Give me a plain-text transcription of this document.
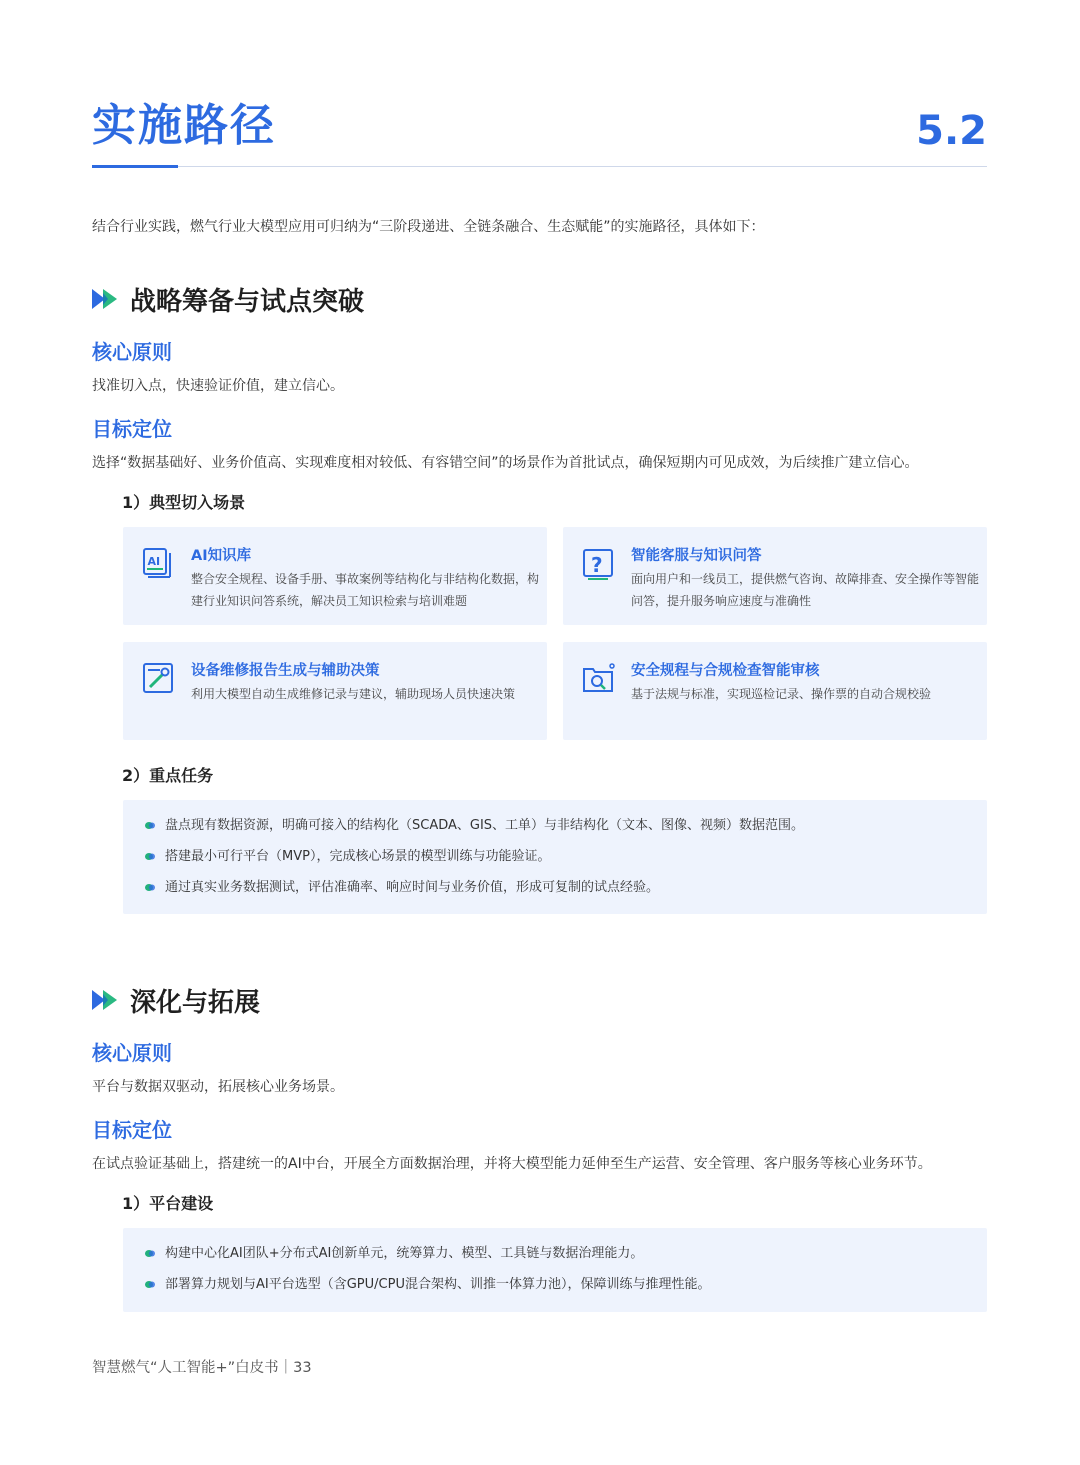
实施路径	5.2
结合行业实践，燃气行业大模型应用可归纳为“三阶段递进、全链条融合、生态赋能”的实施路径，具体如下：
战略筹备与试点突破
核心原则
找准切入点，快速验证价值，建立信心。
目标定位
选择“数据基础好、业务价值高、实现难度相对较低、有容错空间”的场景作为首批试点，确保短期内可见成效，为后续推广建立信心。
1）典型切入场景
AI AI知识库
整合安全规程、设备手册、事故案例等结构化与非结构化数据，构建行业知识问答系统，解决员工知识检索与培训难题
? 智能客服与知识问答
面向用户和一线员工，提供燃气咨询、故障排查、安全操作等智能问答，提升服务响应速度与准确性
设备维修报告生成与辅助决策
利用大模型自动生成维修记录与建议，辅助现场人员快速决策
安全规程与合规检查智能审核
基于法规与标准，实现巡检记录、操作票的自动合规校验
2）重点任务
盘点现有数据资源，明确可接入的结构化（SCADA、GIS、工单）与非结构化（文本、图像、视频）数据范围。
搭建最小可行平台（MVP），完成核心场景的模型训练与功能验证。
通过真实业务数据测试，评估准确率、响应时间与业务价值，形成可复制的试点经验。
深化与拓展
核心原则
平台与数据双驱动，拓展核心业务场景。
目标定位
在试点验证基础上，搭建统一的AI中台，开展全方面数据治理，并将大模型能力延伸至生产运营、安全管理、客户服务等核心业务环节。
1）平台建设
构建中心化AI团队+分布式AI创新单元，统筹算力、模型、工具链与数据治理能力。
部署算力规划与AI平台选型（含GPU/CPU混合架构、训推一体算力池），保障训练与推理性能。
智慧燃气“人工智能+”白皮书｜33
